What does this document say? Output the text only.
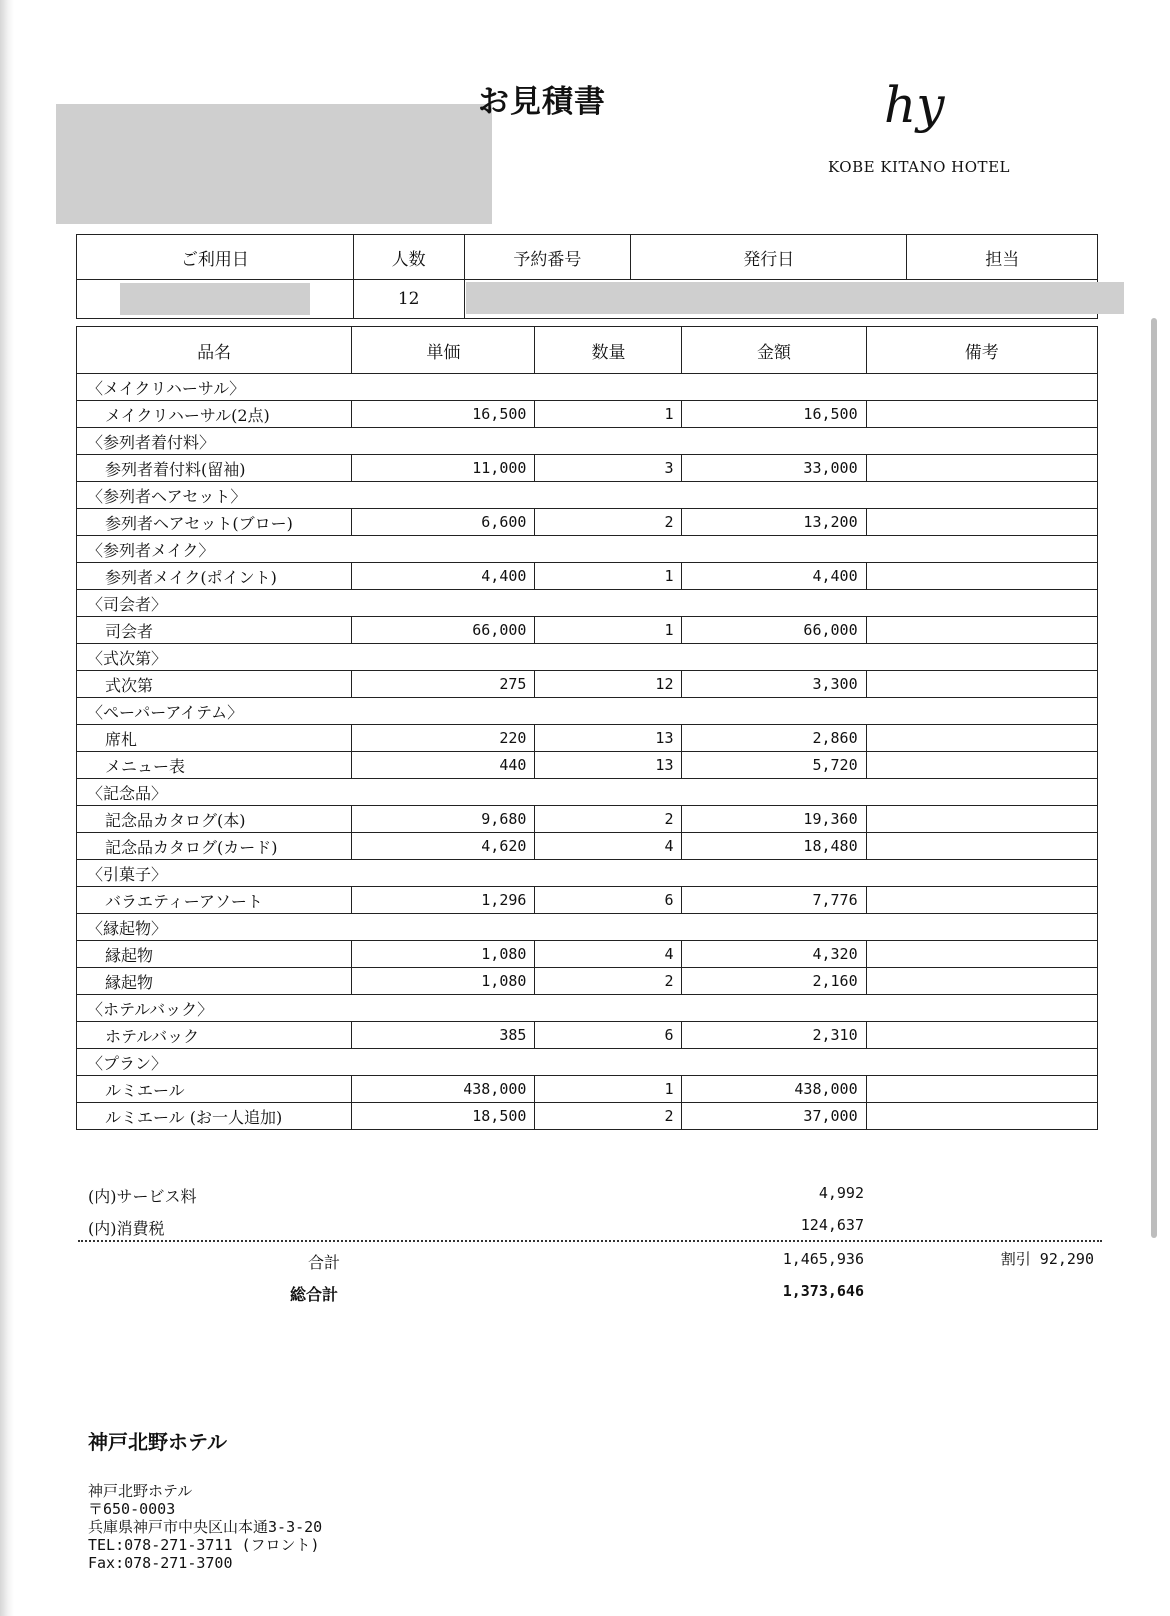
お見積書	hy
KOBE KITANO HOTEL
ご利用日	人数	予約番号	発行日	担当
	12			
品名	単価	数量	金額	備考
〈メイクリハーサル〉				
メイクリハーサル(2点)	16,500	1	16,500	
〈参列者着付料〉				
参列者着付料(留袖)	11,000	3	33,000	
〈参列者ヘアセット〉				
参列者ヘアセット(ブロー)	6,600	2	13,200	
〈参列者メイク〉				
参列者メイク(ポイント)	4,400	1	4,400	
〈司会者〉				
司会者	66,000	1	66,000	
〈式次第〉				
式次第	275	12	3,300	
〈ペーパーアイテム〉				
席札	220	13	2,860	
メニュー表	440	13	5,720	
〈記念品〉				
記念品カタログ(本)	9,680	2	19,360	
記念品カタログ(カード)	4,620	4	18,480	
〈引菓子〉				
バラエティーアソート	1,296	6	7,776	
〈縁起物〉				
縁起物	1,080	4	4,320	
縁起物	1,080	2	2,160	
〈ホテルバック〉				
ホテルバック	385	6	2,310	
〈プラン〉				
ルミエール	438,000	1	438,000	
ルミエール (お一人追加)	18,500	2	37,000	
(内)サービス料	4,992
(内)消費税	124,637
合計	1,465,936	割引 92,290
総合計	1,373,646
神戸北野ホテル
神戸北野ホテル
〒650-0003
兵庫県神戸市中央区山本通3-3-20
TEL:078-271-3711 (フロント)
Fax:078-271-3700
